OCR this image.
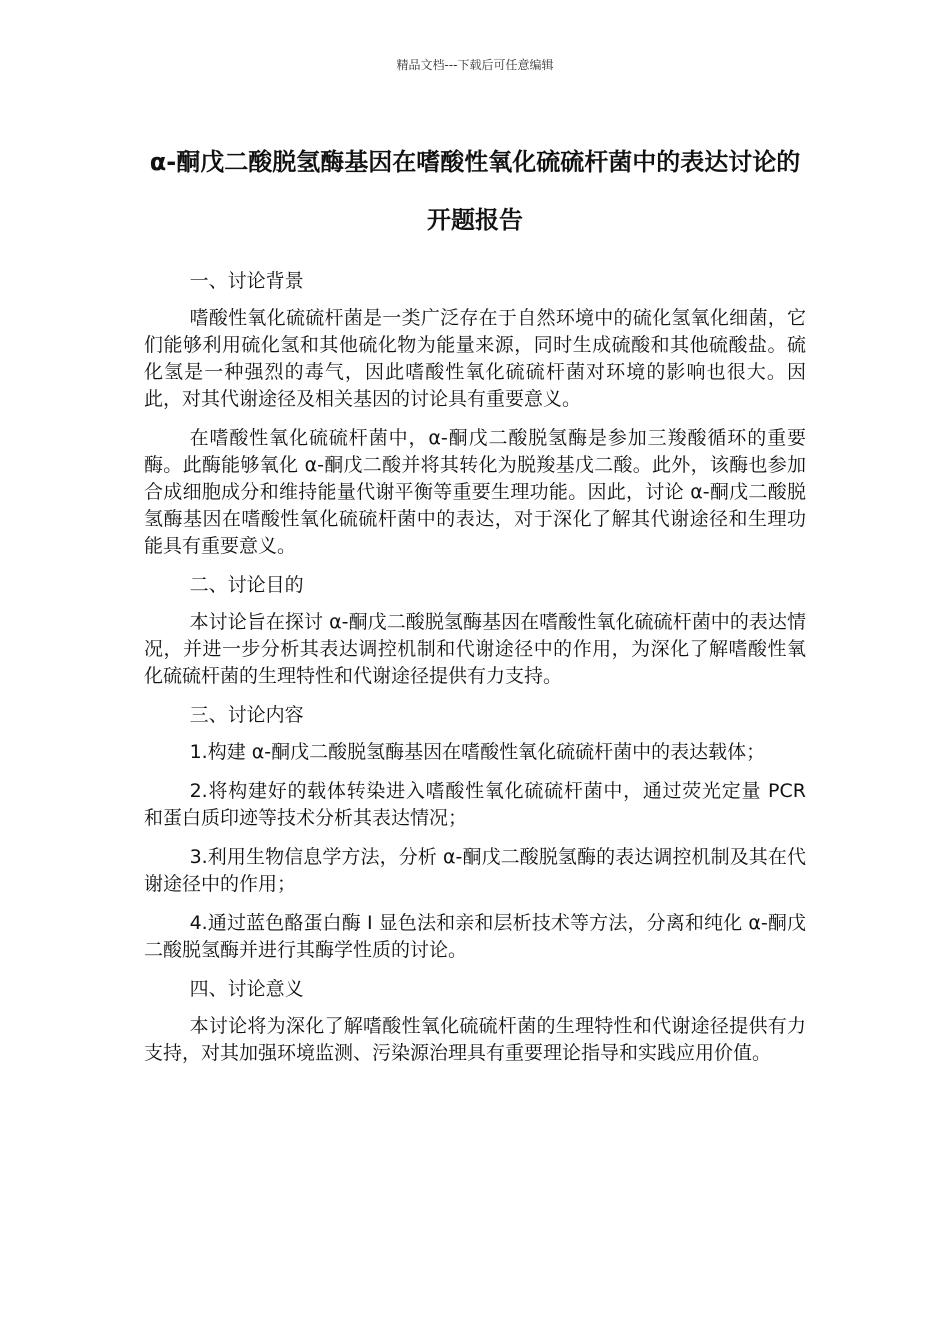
精品文档---下载后可任意编辑
α-酮戊二酸脱氢酶基因在嗜酸性氧化硫硫杆菌中的表达讨论的开题报告

一、讨论背景

嗜酸性氧化硫硫杆菌是一类广泛存在于自然环境中的硫化氢氧化细菌，它们能够利用硫化氢和其他硫化物为能量来源，同时生成硫酸和其他硫酸盐。硫化氢是一种强烈的毒气，因此嗜酸性氧化硫硫杆菌对环境的影响也很大。因此，对其代谢途径及相关基因的讨论具有重要意义。

在嗜酸性氧化硫硫杆菌中，α-酮戊二酸脱氢酶是参加三羧酸循环的重要酶。此酶能够氧化 α-酮戊二酸并将其转化为脱羧基戊二酸。此外，该酶也参加合成细胞成分和维持能量代谢平衡等重要生理功能。因此，讨论 α-酮戊二酸脱氢酶基因在嗜酸性氧化硫硫杆菌中的表达，对于深化了解其代谢途径和生理功能具有重要意义。

二、讨论目的

本讨论旨在探讨 α-酮戊二酸脱氢酶基因在嗜酸性氧化硫硫杆菌中的表达情况，并进一步分析其表达调控机制和代谢途径中的作用，为深化了解嗜酸性氧化硫硫杆菌的生理特性和代谢途径提供有力支持。

三、讨论内容

1.构建 α-酮戊二酸脱氢酶基因在嗜酸性氧化硫硫杆菌中的表达载体；

2.将构建好的载体转染进入嗜酸性氧化硫硫杆菌中，通过荧光定量 PCR 和蛋白质印迹等技术分析其表达情况；

3.利用生物信息学方法，分析 α-酮戊二酸脱氢酶的表达调控机制及其在代谢途径中的作用；

4.通过蓝色酪蛋白酶 I 显色法和亲和层析技术等方法，分离和纯化 α-酮戊二酸脱氢酶并进行其酶学性质的讨论。

四、讨论意义

本讨论将为深化了解嗜酸性氧化硫硫杆菌的生理特性和代谢途径提供有力支持，对其加强环境监测、污染源治理具有重要理论指导和实践应用价值。
